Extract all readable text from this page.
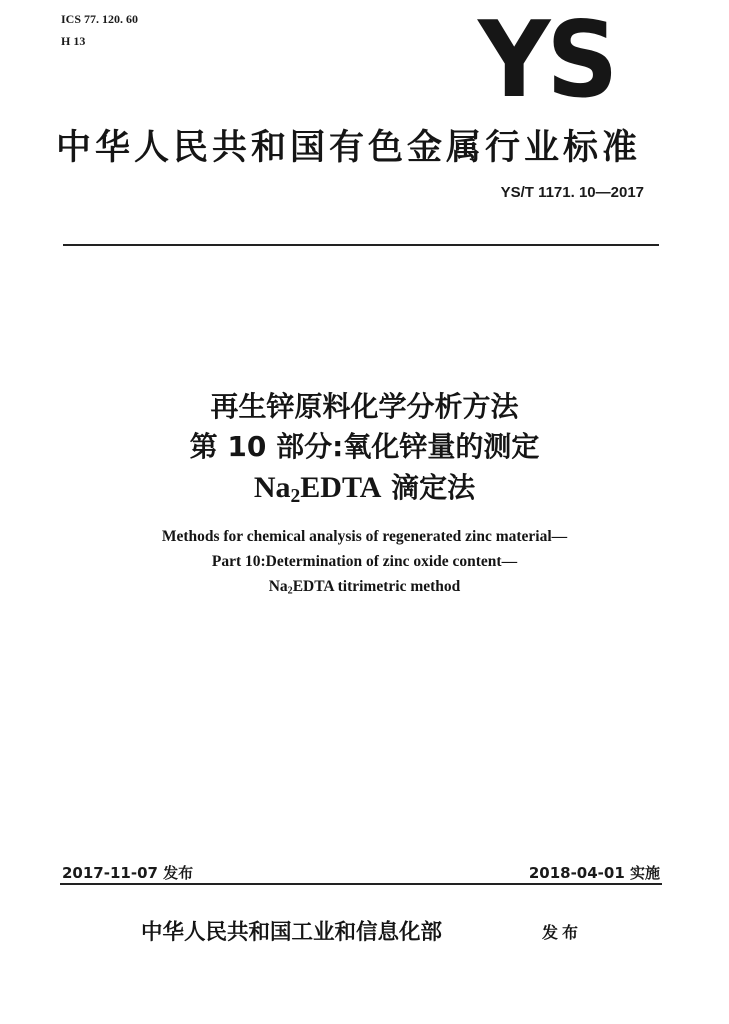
ICS 77. 120. 60
H 13	YS
中华人民共和国有色金属行业标准
YS/T 1171. 10—2017
再生锌原料化学分析方法
第 10 部分:氧化锌量的测定
$Na_2EDTA$ 滴定法
Methods for chemical analysis of regenerated zinc material—
Part 10:Determination of zinc oxide content—
$Na_2EDTA$ titrimetric method
2017-11-07 发布	2018-04-01 实施
中华人民共和国工业和信息化部	发布
